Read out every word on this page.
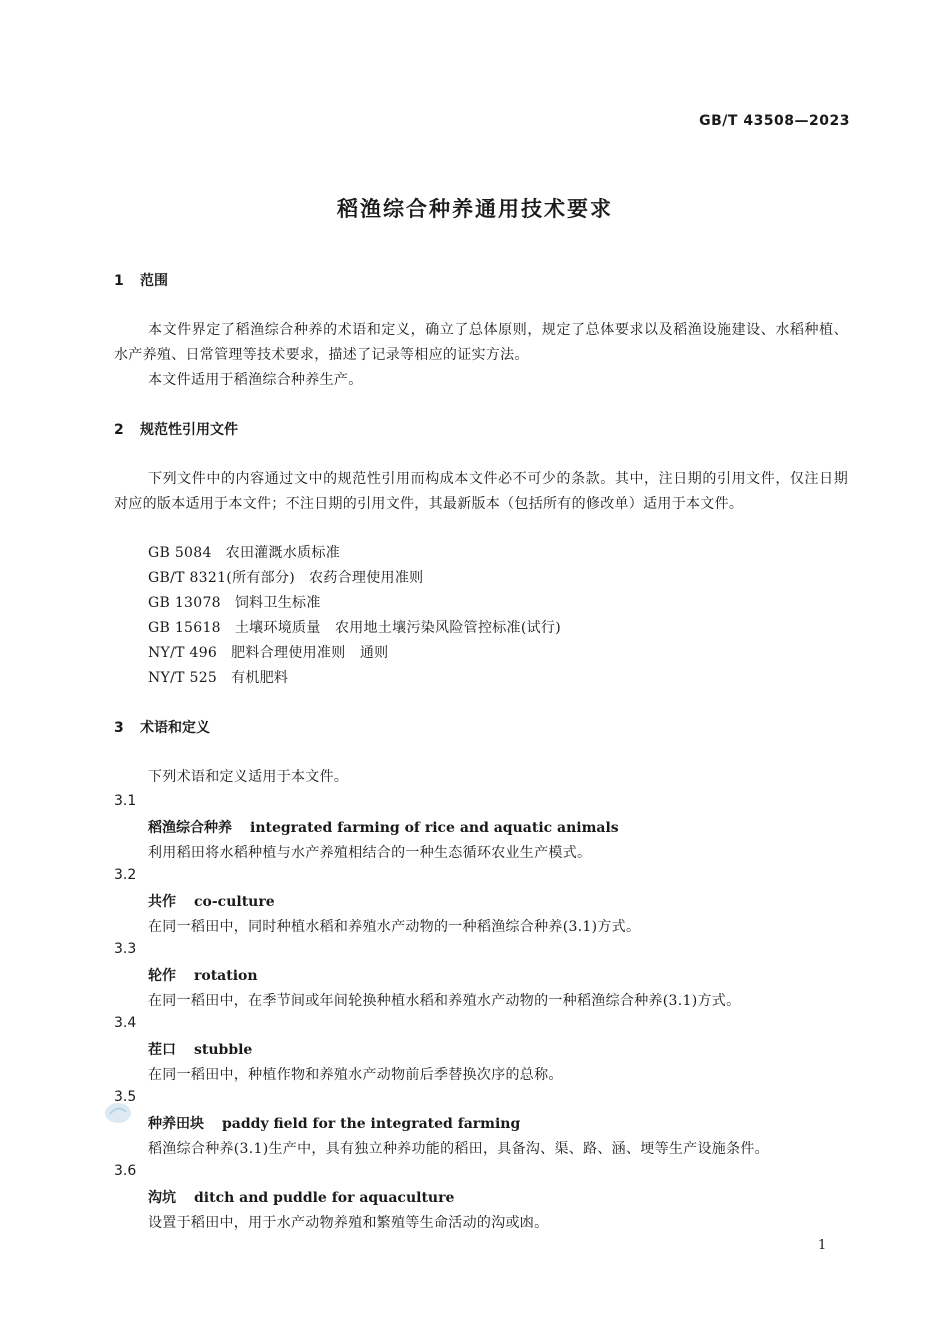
GB/T 43508—2023
稻渔综合种养通用技术要求
1 范围
本文件界定了稻渔综合种养的术语和定义，确立了总体原则，规定了总体要求以及稻渔设施建设、水稻种植、水产养殖、日常管理等技术要求，描述了记录等相应的证实方法。
本文件适用于稻渔综合种养生产。
2 规范性引用文件
下列文件中的内容通过文中的规范性引用而构成本文件必不可少的条款。其中，注日期的引用文件，仅注日期对应的版本适用于本文件；不注日期的引用文件，其最新版本（包括所有的修改单）适用于本文件。
GB 5084 农田灌溉水质标准
GB/T 8321(所有部分) 农药合理使用准则
GB 13078 饲料卫生标准
GB 15618 土壤环境质量　农用地土壤污染风险管控标准(试行)
NY/T 496 肥料合理使用准则　通则
NY/T 525 有机肥料
3 术语和定义
下列术语和定义适用于本文件。
3.1
稻渔综合种养 integrated farming of rice and aquatic animals
利用稻田将水稻种植与水产养殖相结合的一种生态循环农业生产模式。
3.2
共作 co-culture
在同一稻田中，同时种植水稻和养殖水产动物的一种稻渔综合种养(3.1)方式。
3.3
轮作 rotation
在同一稻田中，在季节间或年间轮换种植水稻和养殖水产动物的一种稻渔综合种养(3.1)方式。
3.4
茬口 stubble
在同一稻田中，种植作物和养殖水产动物前后季替换次序的总称。
3.5
种养田块 paddy field for the integrated farming
稻渔综合种养(3.1)生产中，具有独立种养功能的稻田，具备沟、渠、路、涵、埂等生产设施条件。
3.6
沟坑 ditch and puddle for aquaculture
设置于稻田中，用于水产动物养殖和繁殖等生命活动的沟或凼。
1
